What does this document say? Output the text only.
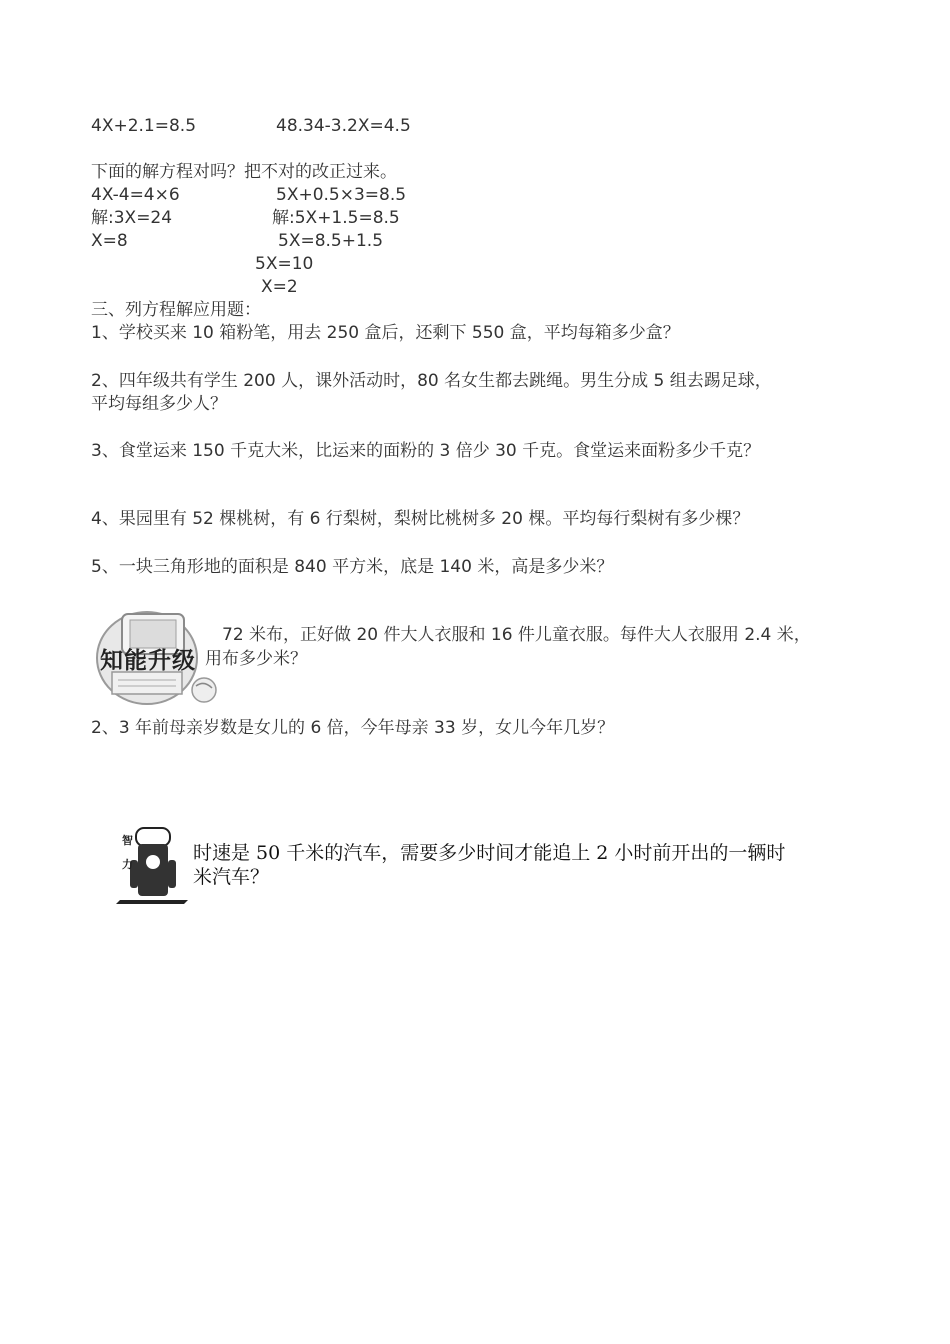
4X+2.1=8.5	48.34-3.2X=4.5
下面的解方程对吗？把不对的改正过来。
4X-4=4×6
解:3X=24
X=8
5X+0.5×3=8.5
解:5X+1.5=8.5
5X=8.5+1.5
5X=10
X=2
三、列方程解应用题：
1、学校买来 10 箱粉笔，用去 250 盒后，还剩下 550 盒，平均每箱多少盒？
2、四年级共有学生 200 人，课外活动时，80 名女生都去跳绳。男生分成 5 组去踢足球，
平均每组多少人？
3、食堂运来 150 千克大米，比运来的面粉的 3 倍少 30 千克。食堂运来面粉多少千克？
4、果园里有 52 棵桃树，有 6 行梨树，梨树比桃树多 20 棵。平均每行梨树有多少棵？
5、一块三角形地的面积是 840 平方米，底是 140 米，高是多少米？
知能升级
72 米布，正好做 20 件大人衣服和 16 件儿童衣服。每件大人衣服用 2.4 米，
用布多少米？
2、3 年前母亲岁数是女儿的 6 倍，今年母亲 33 岁，女儿今年几岁？
智
力
时速是 50 千米的汽车，需要多少时间才能追上 2 小时前开出的一辆时
米汽车？
